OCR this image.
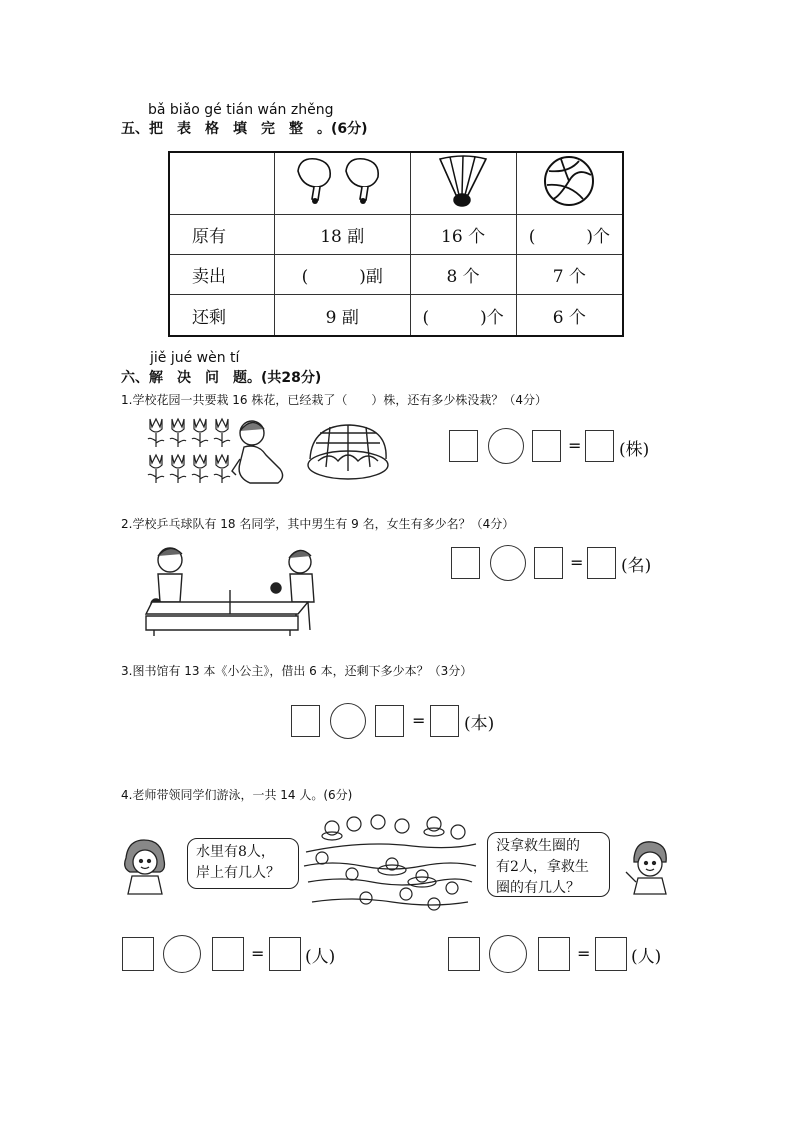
bǎ biǎo gé tián wán zhěng
五、把　表　格　填　完　整　。(6分)

原有	18 副	16 个	(　　　)个
卖出	(　　　)副	8 个	7 个
还剩	9 副	(　　　)个	6 个
jiě jué wèn tí
六、解　决　问　题。(共28分)
1.学校花园一共要栽 16 株花，已经栽了（　　）株，还有多少株没栽？（4分）
= (株)
2.学校乒乓球队有 18 名同学，其中男生有 9 名，女生有多少名？（4分）
= (名)
3.图书馆有 13 本《小公主》，借出 6 本，还剩下多少本？（3分）
= (本)
4.老师带领同学们游泳，一共 14 人。(6分)
水里有8人，
岸上有几人？
没拿救生圈的
有2人，拿救生
圈的有几人？
= (人)	= (人)
